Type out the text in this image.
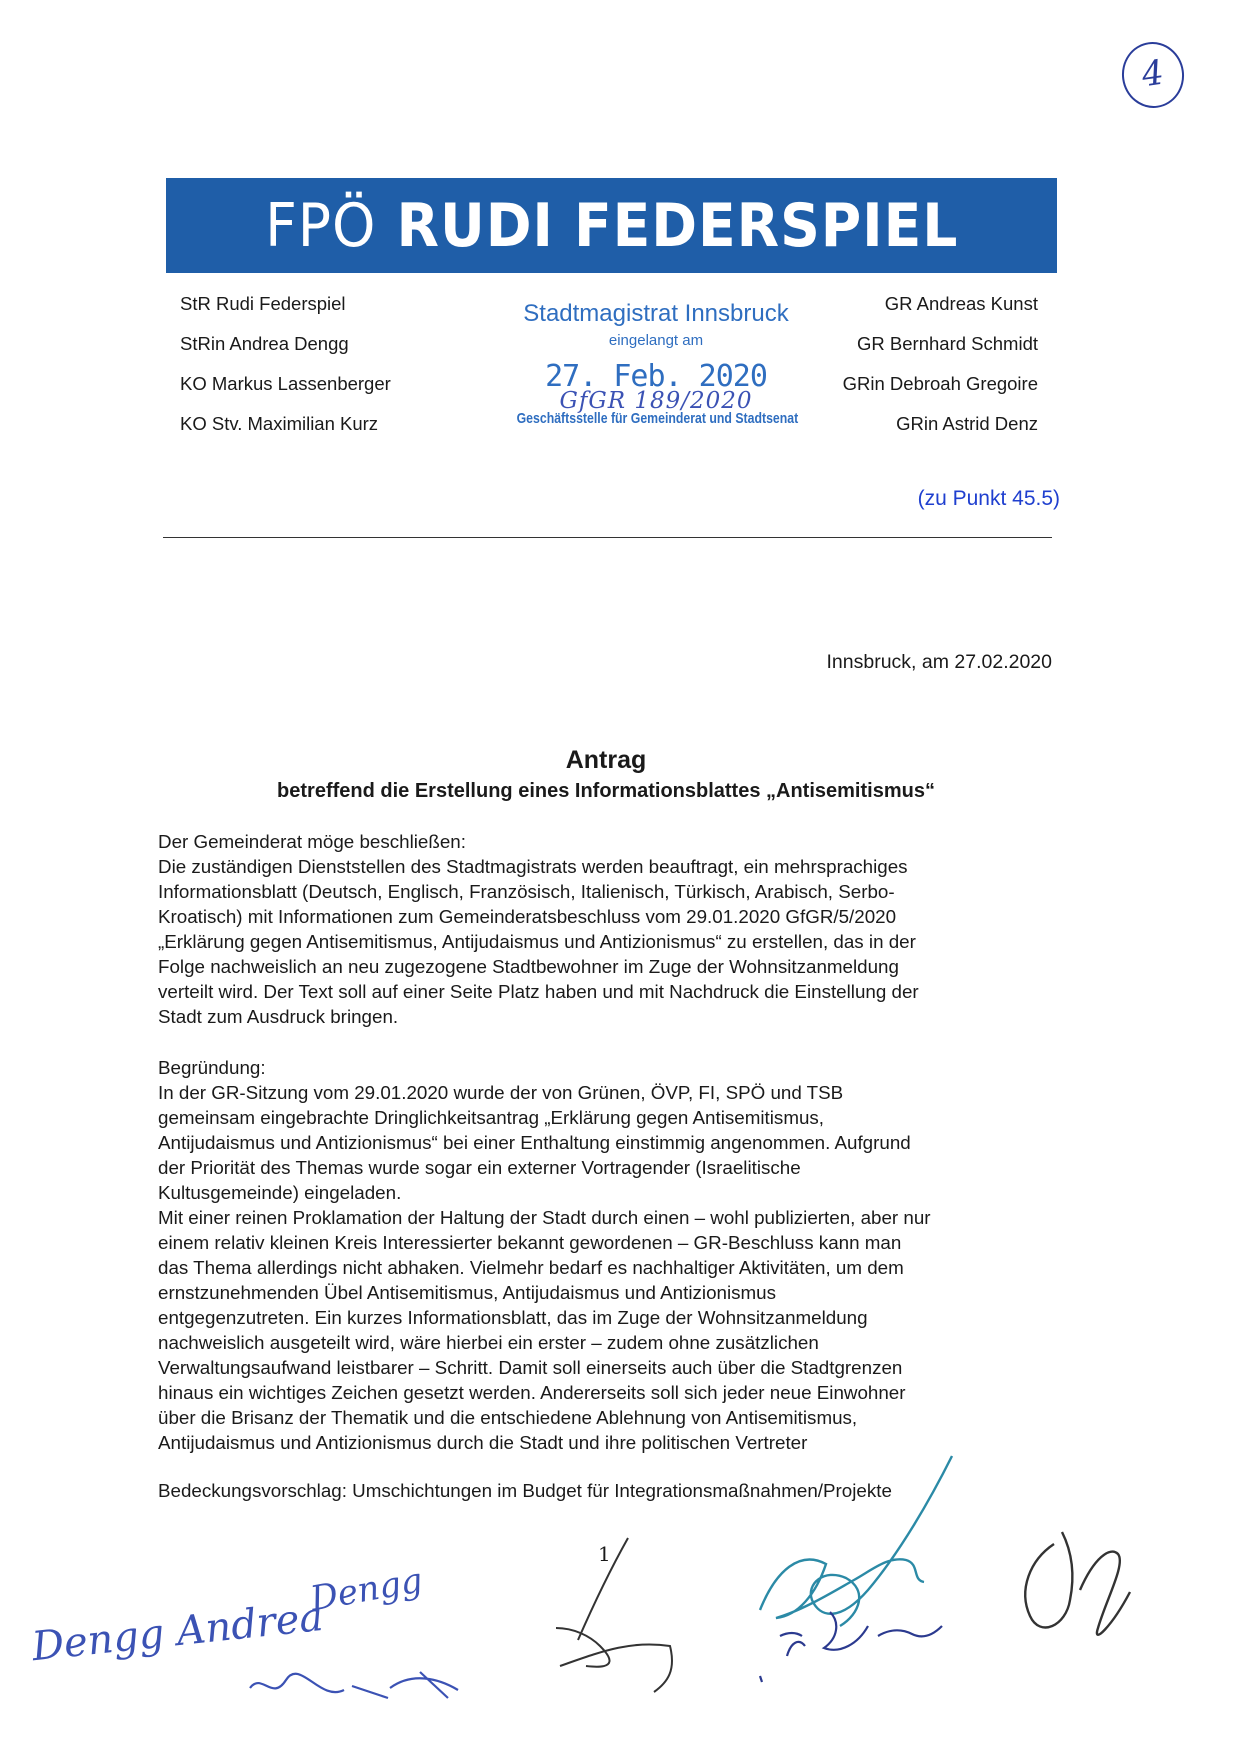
4
FPÖ RUDI FEDERSPIEL
StR Rudi Federspiel
StRin Andrea Dengg
KO Markus Lassenberger
KO Stv. Maximilian Kurz
GR Andreas Kunst
GR Bernhard Schmidt
GRin Debroah Gregoire
GRin Astrid Denz
Stadtmagistrat Innsbruck
eingelangt am
27. Feb. 2020
GfGR 189/2020
Geschäftsstelle für Gemeinderat und Stadtsenat
(zu Punkt 45.5)
Innsbruck, am 27.02.2020
Antrag
betreffend die Erstellung eines Informationsblattes „Antisemitismus“
Der Gemeinderat möge beschließen:
Die zuständigen Dienststellen des Stadtmagistrats werden beauftragt, ein mehrsprachiges
Informationsblatt (Deutsch, Englisch, Französisch, Italienisch, Türkisch, Arabisch, Serbo-
Kroatisch) mit Informationen zum Gemeinderatsbeschluss vom 29.01.2020 GfGR/5/2020
„Erklärung gegen Antisemitismus, Antijudaismus und Antizionismus“ zu erstellen, das in der
Folge nachweislich an neu zugezogene Stadtbewohner im Zuge der Wohnsitzanmeldung
verteilt wird. Der Text soll auf einer Seite Platz haben und mit Nachdruck die Einstellung der
Stadt zum Ausdruck bringen.
Begründung:
In der GR-Sitzung vom 29.01.2020 wurde der von Grünen, ÖVP, FI, SPÖ und TSB
gemeinsam eingebrachte Dringlichkeitsantrag „Erklärung gegen Antisemitismus,
Antijudaismus und Antizionismus“ bei einer Enthaltung einstimmig angenommen. Aufgrund
der Priorität des Themas wurde sogar ein externer Vortragender (Israelitische
Kultusgemeinde) eingeladen.
Mit einer reinen Proklamation der Haltung der Stadt durch einen – wohl publizierten, aber nur
einem relativ kleinen Kreis Interessierter bekannt gewordenen – GR-Beschluss kann man
das Thema allerdings nicht abhaken. Vielmehr bedarf es nachhaltiger Aktivitäten, um dem
ernstzunehmenden Übel Antisemitismus, Antijudaismus und Antizionismus
entgegenzutreten. Ein kurzes Informationsblatt, das im Zuge der Wohnsitzanmeldung
nachweislich ausgeteilt wird, wäre hierbei ein erster – zudem ohne zusätzlichen
Verwaltungsaufwand leistbarer – Schritt. Damit soll einerseits auch über die Stadtgrenzen
hinaus ein wichtiges Zeichen gesetzt werden. Andererseits soll sich jeder neue Einwohner
über die Brisanz der Thematik und die entschiedene Ablehnung von Antisemitismus,
Antijudaismus und Antizionismus durch die Stadt und ihre politischen Vertreter
Bedeckungsvorschlag: Umschichtungen im Budget für Integrationsmaßnahmen/Projekte
1
Dengg Andrea
Dengg
